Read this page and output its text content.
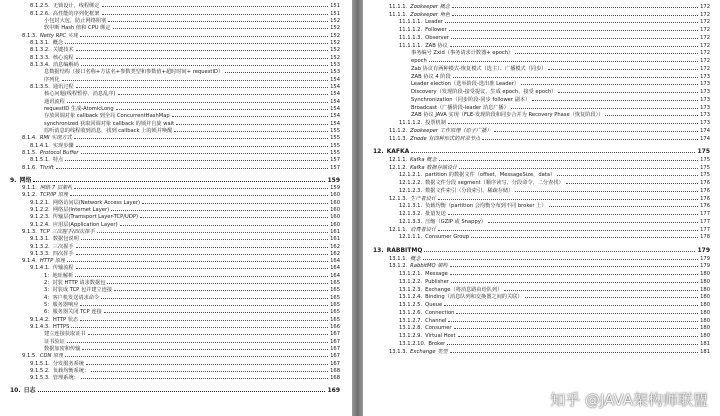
8.1.2.5. 无锁设计，线程绑定	151
8.1.2.6. 高性能的序列化框架	151
小包封大包，防止网络阻塞	152
软中断 Hash 值和 CPU 绑定	152
8.1.3. Netty RPC 实现	152
8.1.3.1. 概念	152
8.1.3.2. 关键技术	152
8.1.3.3. 核心流程	152
8.1.3.4. 消息编解码	153
息数据结构（接口名称+方法名+参数类型和参数值+超时时间+ requestID）	153
序列化	154
8.1.3.5. 通讯过程	154
核心问题(线程暂停、消息乱序)	154
通讯流程	154
requestID 生成-AtomicLong	154
存放回调对象 callback 到全局 ConcurrentHashMap	154
synchronized 获取回调对象 callback 的锁并自旋 wait	154
监听消息的线程收到消息，找到 callback 上的锁并唤醒	155
8.1.4. RMI 实现方式	155
8.1.4.1. 实现步骤	155
8.1.5. Protocol Buffer	155
8.1.5.1. 特点	157
8.1.6. Thrift	157
9. 网络	159
9.1.1. 网络 7 层架构	159
9.1.2. TCP/IP 原理	160
9.1.2.1. 网络访问层(Network Access Layer)	160
9.1.2.2. 网络层(Internet Layer)	160
9.1.2.3. 传输层(Tramsport Layer-TCP/UDP)	160
9.1.2.4. 应用层(Application Layer)	160
9.1.3. TCP 三次握手/四次挥手	161
9.1.3.1. 数据包说明	161
9.1.3.2. 三次握手	162
9.1.3.3. 四次挥手	162
9.1.4. HTTP 原理	164
9.1.4.1. 传输流程	164
1：地址解析	164
2：封装 HTTP 请求数据包	165
3：封装成 TCP 包并建立连接	165
4：客户机发送请求命令	165
5：服务器响应	165
6：服务器关闭 TCP 连接	165
9.1.4.2. HTTP 状态	165
9.1.4.3. HTTPS	166
建立连接获取证书	167
证书验证	167
数据加密和传输	167
9.1.5. CDN 原理	167
9.1.5.1. 分发服务系统	167
9.1.5.2. 负载均衡系统：	168
9.1.5.3. 管理系统：	168
10. 日志	169
11.1.1. Zookeeper 概念	172
11.1.1. Zookeeper 角色	172
11.1.1.1. Leader	172
11.1.1.2. Follower	172
11.1.1.3. Observer	172
11.1.1.1. ZAB 协议	172
事务编号 Zxid（事务请求计数器+ epoch）	172
epoch	172
Zab 协议有两种模式-恢复模式（选主）、广播模式（同步）	172
ZAB 协议 4 阶段	173
Leader election（选举阶段-选出准 Leader）	173
Discovery（发现阶段-接受提议、生成 epoch、接受 epoch）	173
Synchronization（同步阶段-同步 follower 副本）	173
Broadcast（广播阶段-leader 消息广播）	173
ZAB 协议 JAVA 实现（FLE-发现阶段和同步合并为 Recovery Phase（恢复阶段））	173
11.1.1.2. 投票机制	173
11.1.2. Zookeeper 工作原理（原子广播）	174
11.1.3. Znode 有四种形式的目录节点	174
12. KAFKA	175
12.1.1. Kafka 概念	175
12.1.2. Kafka 数据存储设计	175
12.1.2.1. partition 的数据文件（offset，MessageSize，data）	175
12.1.2.2. 数据文件分段 segment（顺序读写、分段命令、二分查找）	176
12.1.2.3. 数据文件索引（分段索引、稀疏存储）	176
12.1.3. 生产者设计	176
12.1.3.1. 负载均衡（partition 会均衡分布到不同 broker 上）	176
12.1.3.2. 批量发送	177
12.1.3.3. 压缩（GZIP 或 Snappy）	177
12.1.1. 消费者设计	177
12.1.1.1. Consumer Group	178
13. RABBITMQ	179
13.1.1. 概念	179
13.1.2. RabbitMQ 架构	179
13.1.2.1. Message	180
13.1.2.2. Publisher	180
13.1.2.3. Exchange（将消息路由给队列）	180
13.1.2.4. Binding（消息队列和交换器之间的关联）	180
13.1.2.5. Queue	180
13.1.2.6. Connection	180
13.1.2.7. Channel	180
13.1.2.8. Consumer	180
13.1.2.9. Virtual Host	180
13.1.2.10. Broker	181
13.1.3. Exchange 类型	181
知乎 @JAVA架构师联盟
